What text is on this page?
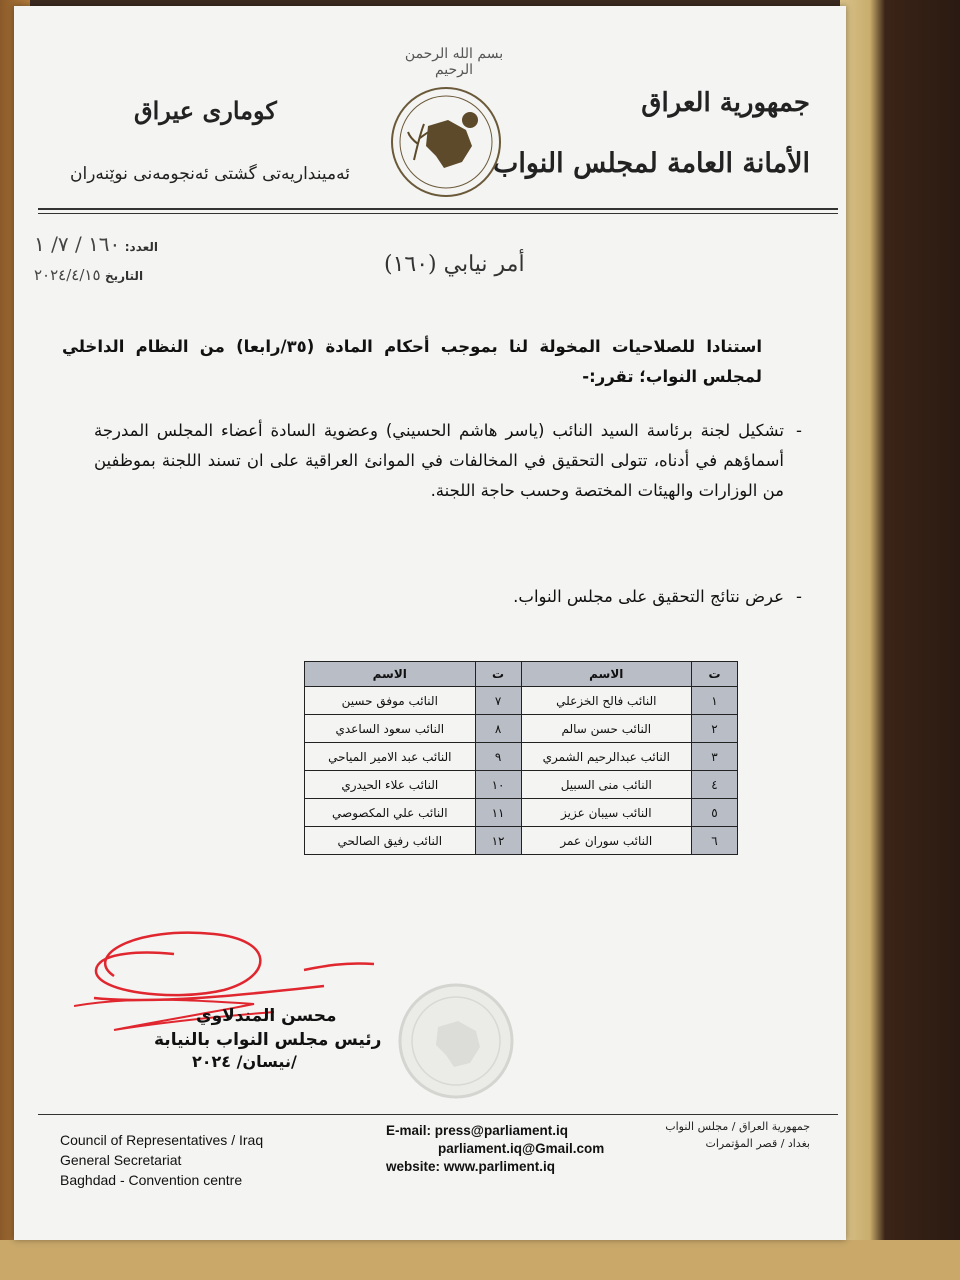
جمهورية العراق
الأمانة العامة لمجلس النواب
كوماری عیراق
ئەمینداریەتی گشتی ئەنجومەنی نوێنەران
بسم الله الرحمن الرحيم
العدد: ١٦٠ / ٧/ ١
التاريخ ٢٠٢٤/٤/١٥	أمر نيابي (١٦٠)
استنادا للصلاحيات المخولة لنا بموجب أحكام المادة (٣٥/رابعا) من النظام الداخلي لمجلس النواب؛ تقرر:-
-
تشكيل لجنة برئاسة السيد النائب (ياسر هاشم الحسيني) وعضوية السادة أعضاء المجلس المدرجة أسماؤهم في أدناه، تتولى التحقيق في المخالفات في الموانئ العراقية على ان تسند اللجنة بموظفين من الوزارات والهيئات المختصة وحسب حاجة اللجنة.
-
عرض نتائج التحقيق على مجلس النواب.
ت	الاسم	ت	الاسم
١	النائب فالح الخزعلي	٧	النائب موفق حسين
٢	النائب حسن سالم	٨	النائب سعود الساعدي
٣	النائب عبدالرحيم الشمري	٩	النائب عبد الامير المياحي
٤	النائب منى السبيل	١٠	النائب علاء الحيدري
٥	النائب سيبان عزيز	١١	النائب علي المكصوصي
٦	النائب سوران عمر	١٢	النائب رفيق الصالحي
محسن المندلاوي
رئيس مجلس النواب بالنيابة
/نيسان/ ٢٠٢٤
Council of Representatives / Iraq
General Secretariat
Baghdad - Convention centre
E-mail: press@parliament.iq
parliament.iq@Gmail.com
website: www.parliment.iq
جمهورية العراق / مجلس النواب
بغداد / قصر المؤتمرات
